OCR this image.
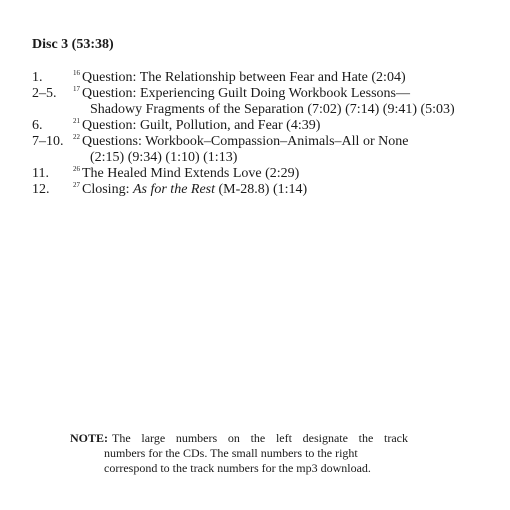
Disc 3 (53:38)
1.	16 Question: The Relationship between Fear and Hate (2:04)
2–5.	17 Question: Experiencing Guilt Doing Workbook Lessons—
Shadowy Fragments of the Separation (7:02) (7:14) (9:41) (5:03)
6.	21 Question: Guilt, Pollution, and Fear (4:39)
7–10.	22 Questions: Workbook–Compassion–Animals–All or None
(2:15) (9:34) (1:10) (1:13)
11.	26 The Healed Mind Extends Love (2:29)
12.	27 Closing: As for the Rest (M-28.8) (1:14)
NOTE: The large numbers on the left designate the track
numbers for the CDs. The small numbers to the right
correspond to the track numbers for the mp3 download.
